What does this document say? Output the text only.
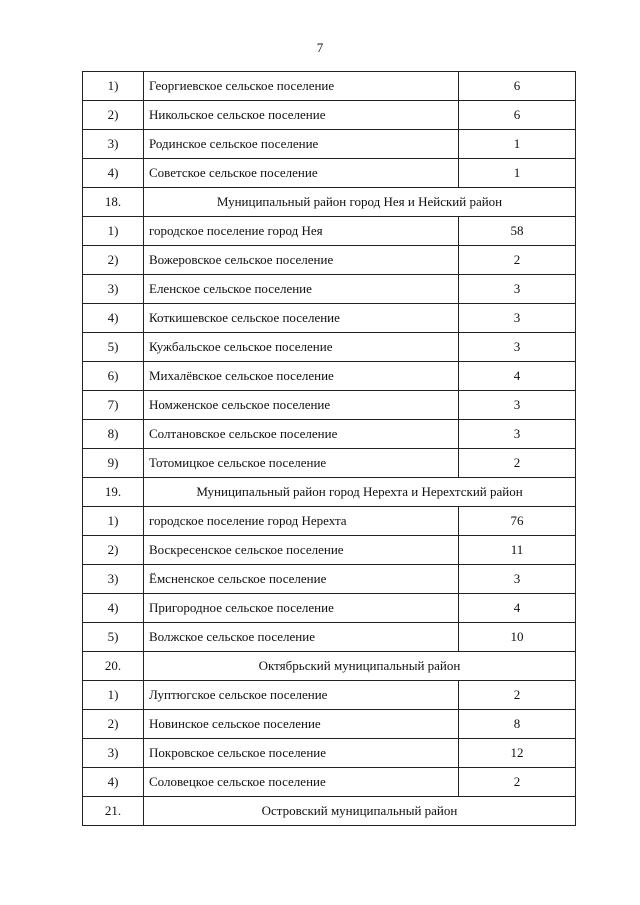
7
1)	Георгиевское сельское поселение	6
2)	Никольское сельское поселение	6
3)	Родинское сельское поселение	1
4)	Советское сельское поселение	1
18.	Муниципальный район город Нея и Нейский район	
1)	городское поселение город Нея	58
2)	Вожеровское сельское поселение	2
3)	Еленское сельское поселение	3
4)	Коткишевское сельское поселение	3
5)	Кужбальское сельское поселение	3
6)	Михалёвское сельское поселение	4
7)	Номженское сельское поселение	3
8)	Солтановское сельское поселение	3
9)	Тотомицкое сельское поселение	2
19.	Муниципальный район город Нерехта и Нерехтский район	
1)	городское поселение город Нерехта	76
2)	Воскресенское сельское поселение	11
3)	Ёмсненское сельское поселение	3
4)	Пригородное сельское поселение	4
5)	Волжское сельское поселение	10
20.	Октябрьский муниципальный район	
1)	Луптюгское сельское поселение	2
2)	Новинское сельское поселение	8
3)	Покровское сельское поселение	12
4)	Соловецкое сельское поселение	2
21.	Островский муниципальный район	
